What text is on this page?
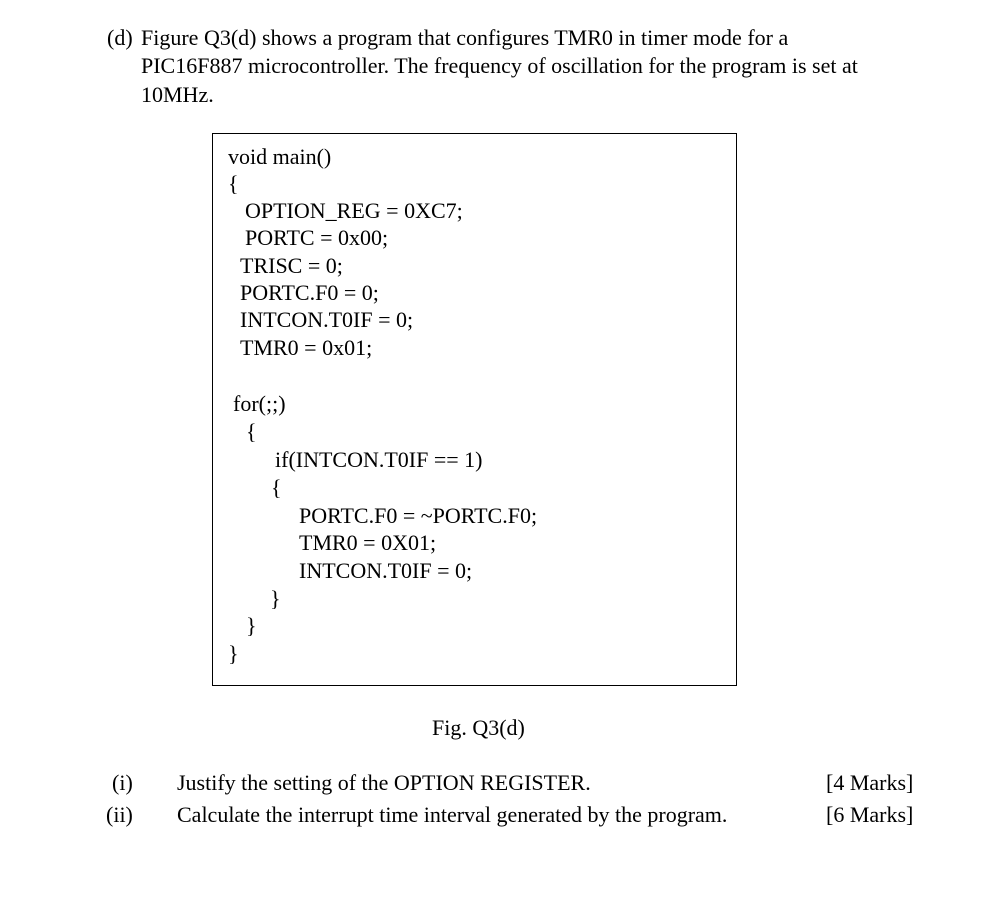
(d) Figure Q3(d) shows a program that configures TMR0 in timer mode for a
PIC16F887 microcontroller. The frequency of oscillation for the program is set at
10MHz.
void main()
{
OPTION_REG = 0XC7;
PORTC = 0x00;
TRISC = 0;
PORTC.F0 = 0;
INTCON.T0IF = 0;
TMR0 = 0x01;
for(;;)
{
if(INTCON.T0IF == 1)
{
PORTC.F0 = ~PORTC.F0;
TMR0 = 0X01;
INTCON.T0IF = 0;
}
}
}
Fig. Q3(d)
(i) Justify the setting of the OPTION REGISTER.	[4 Marks]
(ii) Calculate the interrupt time interval generated by the program.	[6 Marks]
